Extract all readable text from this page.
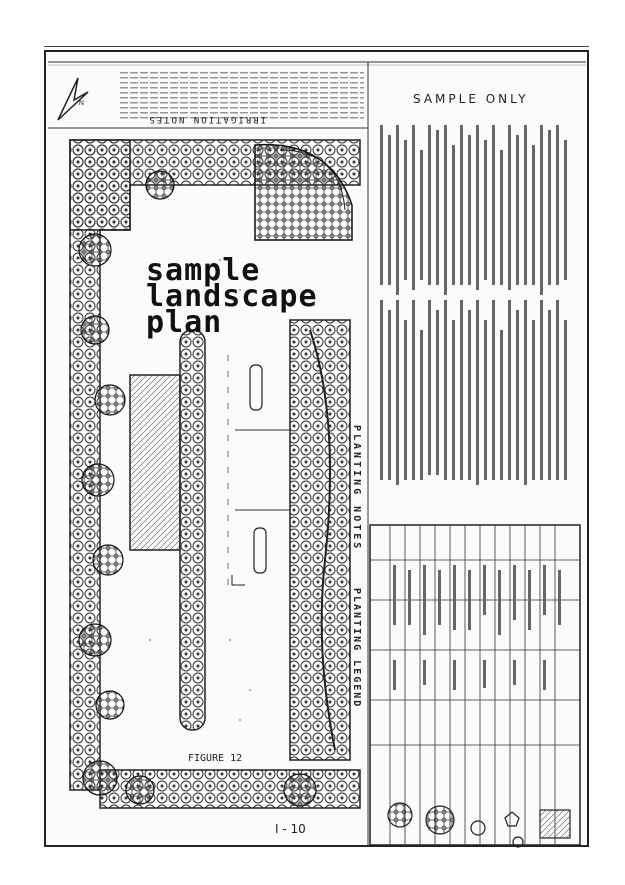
N
IRRIGATION NOTES
PLANTING NOTES
PLANTING LEGEND
sample
landscape
plan
SAMPLE ONLY
FIGURE 12
I - 10
